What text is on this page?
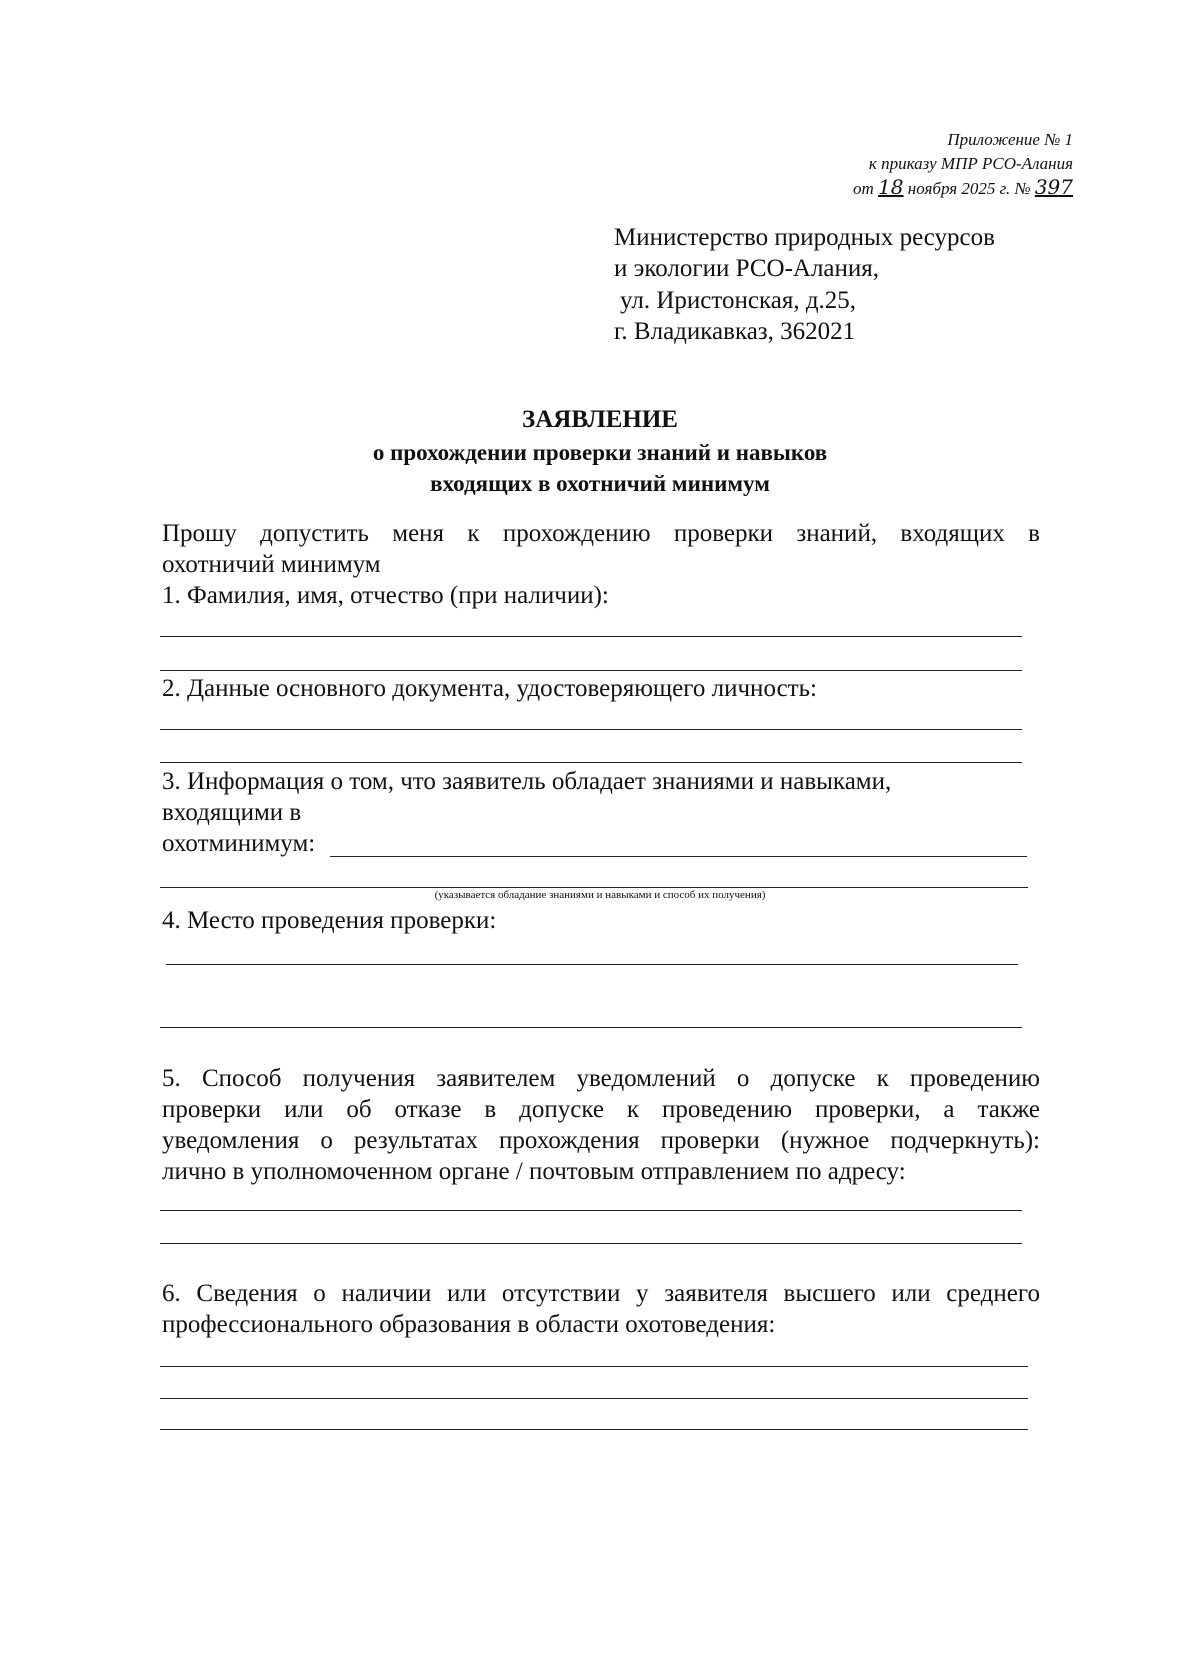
Приложение № 1
к приказу МПР РСО-Алания
от 18 ноября 2025 г. № 397
Министерство природных ресурсов
и экологии РСО-Алания,
ул. Иристонская, д.25,
г. Владикавказ, 362021
ЗАЯВЛЕНИЕ
о прохождении проверки знаний и навыков
входящих в охотничий минимум
Прошу допустить меня к прохождению проверки знаний, входящих в
охотничий минимум
1. Фамилия, имя, отчество (при наличии):
2. Данные основного документа, удостоверяющего личность:
3. Информация о том, что заявитель обладает знаниями и навыками,
входящими в
охотминимум:
(указывается обладание знаниями и навыками и способ их получения)
4. Место проведения проверки:
5. Способ получения заявителем уведомлений о допуске к проведению
проверки или об отказе в допуске к проведению проверки, а также
уведомления о результатах прохождения проверки (нужное подчеркнуть):
лично в уполномоченном органе / почтовым отправлением по адресу:
6. Сведения о наличии или отсутствии у заявителя высшего или среднего
профессионального образования в области охотоведения:
